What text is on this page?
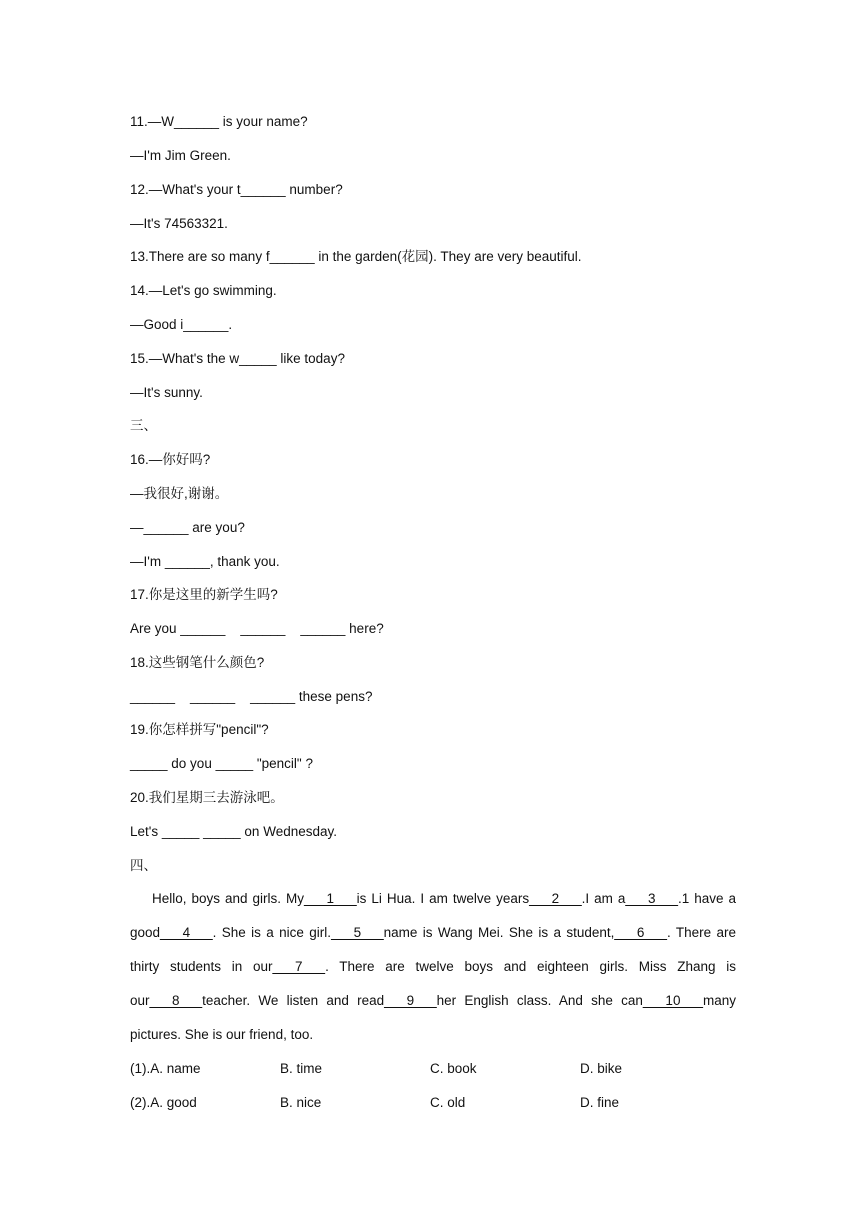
11.—W______ is your name?
—I'm Jim Green.
12.—What's your t______ number?
—It's 74563321.
13.There are so many f______ in the garden(花园). They are very beautiful.
14.—Let's go swimming.
—Good i______.
15.—What's the w_____ like today?
—It's sunny.
三、
16.—你好吗?
—我很好,谢谢。
—______ are you?
—I'm ______, thank you.
17.你是这里的新学生吗?
Are you ______    ______    ______ here?
18.这些钢笔什么颜色?
______    ______    ______ these pens?
19.你怎样拼写"pencil"?
_____ do you _____ "pencil" ?
20.我们星期三去游泳吧。
Let's _____ _____ on Wednesday.
四、
Hello, boys and girls. My___1___is Li Hua. I am twelve years___2___.I am a___3___.1 have a good___4___. She is a nice girl.___5___name is Wang Mei. She is a student,___6___. There are thirty students in our___7___. There are twelve boys and eighteen girls. Miss Zhang is our___8___teacher. We listen and read___9___her English class. And she can___10___many pictures. She is our friend, too.
(1).A. name	B. time	C. book	D. bike
(2).A. good	B. nice	C. old	D. fine
